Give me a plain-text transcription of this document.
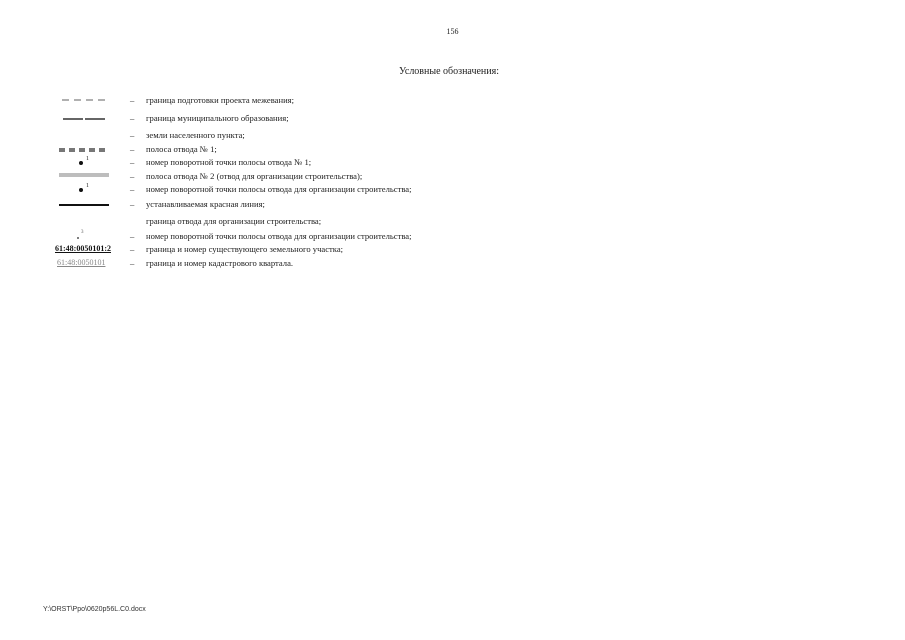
156
Условные обозначения:
–	граница подготовки проекта межевания;
–	граница муниципального образования;
–	земли населенного пункта;
–	полоса отвода № 1;
1	–	номер поворотной точки полосы отвода № 1;
–	полоса отвода № 2 (отвод для организации строительства);
1	–	номер поворотной точки полосы отвода для организации строительства;
–	устанавливаемая красная линия;
граница отвода для организации строительства;
3	–	номер поворотной точки полосы отвода для организации строительства;
61:48:0050101:2 –	граница и номер существующего земельного участка;
61:48:0050101	–	граница и номер кадастрового квартала.
Y:\ORST\Ppo\0620p56L.C0.docx
